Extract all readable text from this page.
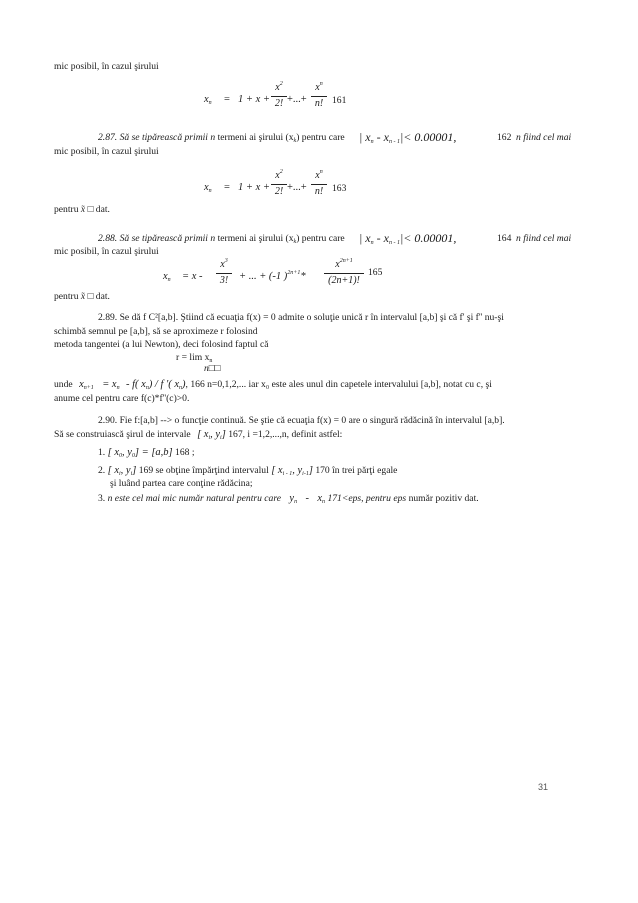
mic posibil, în cazul şirului
xn = 1 + x +
$x^2$
2! +...+
$x^n$
n! 161
2.87. Să se tipărească primii n termeni ai şirului $(x_k)$ pentru care | xn - xn - 1|< 0.00001,	162 n fiind cel mai
mic posibil, în cazul şirului
xn = 1 + x +
$x^2$
2! +...+
$x^n$
n! 163
pentru x □ dat.
2.88. Să se tipărească primii n termeni ai şirului $(x_k)$ pentru care | xn - xn - 1|< 0.00001,	164 n fiind cel mai
mic posibil, în cazul şirului
xn = x -
$x^3$
3!	+ ... + (-1 )$^{2n+1}$*
$x^{2n+1}$
(2n+1)!
165
pentru x □ dat.
2.89. Se dă f C²[a,b]. Ştiind că ecuaţia f(x) = 0 admite o soluţie unică r în intervalul [a,b] şi că f' şi f'' nu-şi
schimbă semnul pe [a,b], să se aproximeze r folosind
metoda tangentei (a lui Newton), deci folosind faptul că
$r = \lim x_n$
n□□
unde xn+1 = xn - f( xn) / f '( xn), 166 n=0,1,2,... iar x₀ este ales unul din capetele intervalului [a,b], notat cu c, şi
anume cel pentru care f(c)*f''(c)>0.
2.90. Fie f:[a,b] --> o funcţie continuă. Se ştie că ecuaţia f(x) = 0 are o singură rădăcină în intervalul [a,b].
Să se construiască şirul de intervale [ xi, yi] 167, i =1,2,...,n, definit astfel:
1. [ x0, y0] = [a,b] 168 ;
2. [ xi, yi] 169 se obţine împărţind intervalul [ xi - 1, yi-1] 170 în trei părţi egale
şi luând partea care conţine rădăcina;
3. n este cel mai mic număr natural pentru care yn - xn 171<eps, pentru eps număr pozitiv dat.
31
